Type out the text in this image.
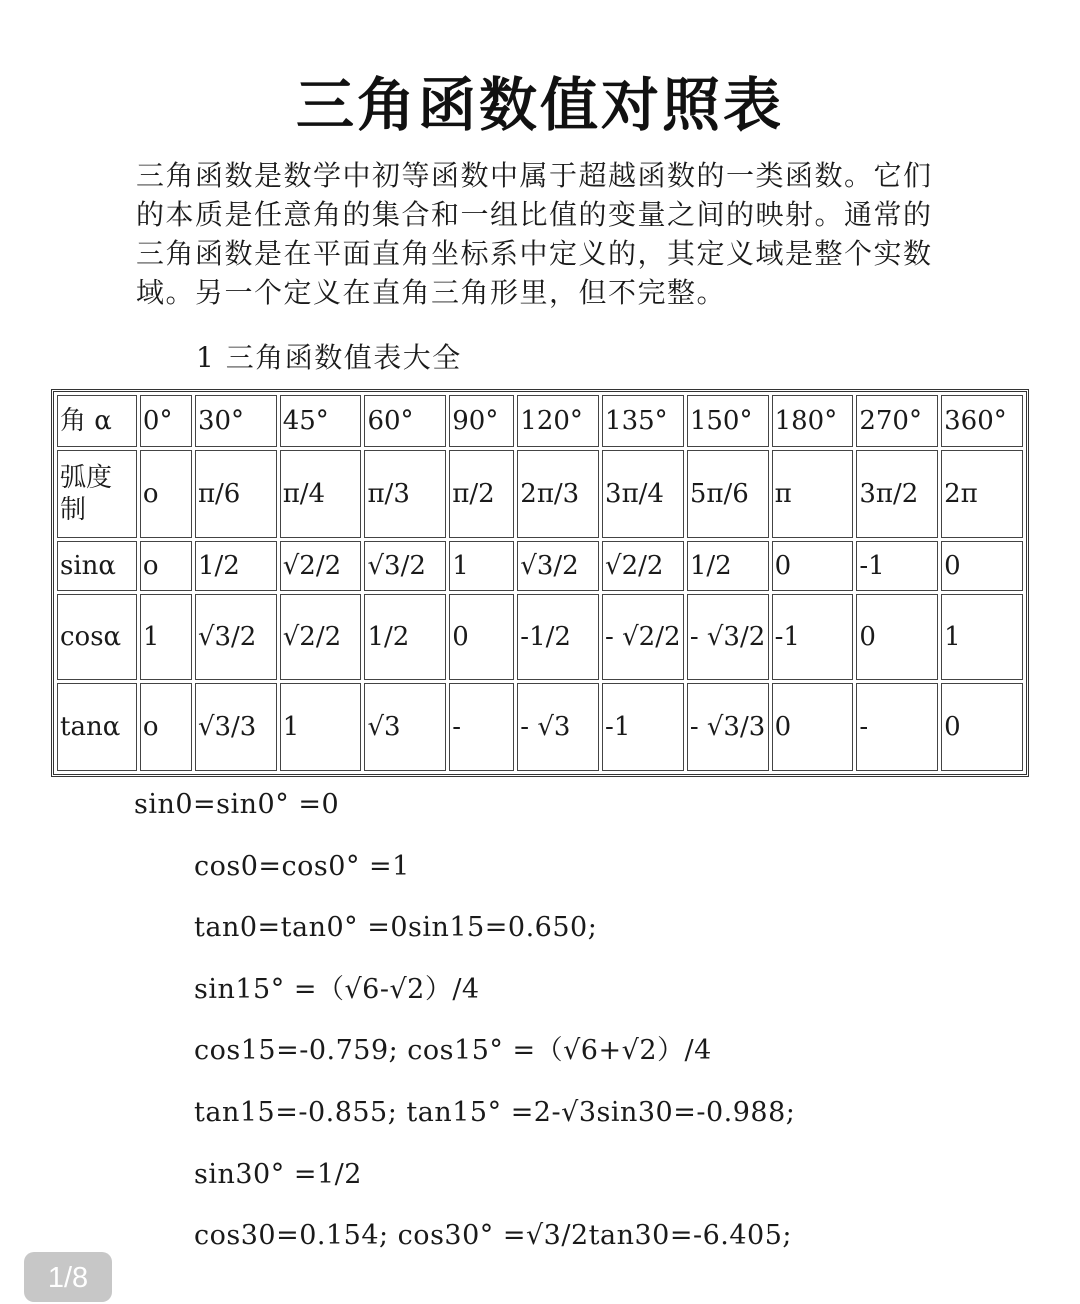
三角函数值对照表

三角函数是数学中初等函数中属于超越函数的一类函数。它们

的本质是任意角的集合和一组比值的变量之间的映射。通常的

三角函数是在平面直角坐标系中定义的，其定义域是整个实数

域。另一个定义在直角三角形里，但不完整。

1 三角函数值表大全
角 α	0°	30°	45°	60°	90°	120°	135°	150°	180°	270°	360°
弧度制	o	π/6	π/4	π/3	π/2	2π/3	3π/4	5π/6	π	3π/2	2π
sinα	o	1/2	√2/2	√3/2	1	√3/2	√2/2	1/2	0	-1	0
cosα	1	√3/2	√2/2	1/2	0	-1/2	- √2/2	- √3/2	-1	0	1
tanα	o	√3/3	1	√3	-	- √3	-1	- √3/3	0	-	0
sin0=sin0° =0
cos0=cos0° =1
tan0=tan0° =0sin15=0.650;
sin15° =（√6-√2）/4
cos15=-0.759; cos15° =（√6+√2）/4
tan15=-0.855; tan15° =2-√3sin30=-0.988;
sin30° =1/2
cos30=0.154; cos30° =√3/2tan30=-6.405;
1/8
